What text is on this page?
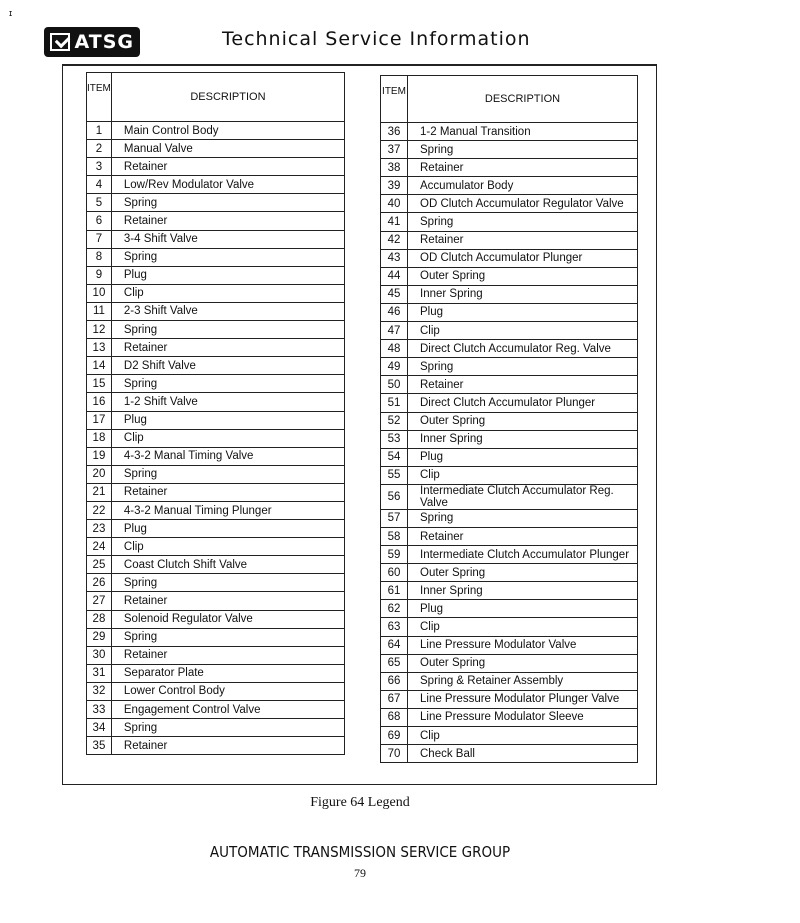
ɪ
ATSG	Technical Service Information
ITEM	DESCRIPTION
1	Main Control Body
2	Manual Valve
3	Retainer
4	Low/Rev Modulator Valve
5	Spring
6	Retainer
7	3-4 Shift Valve
8	Spring
9	Plug
10	Clip
11	2-3 Shift Valve
12	Spring
13	Retainer
14	D2 Shift Valve
15	Spring
16	1-2 Shift Valve
17	Plug
18	Clip
19	4-3-2 Manal Timing Valve
20	Spring
21	Retainer
22	4-3-2 Manual Timing Plunger
23	Plug
24	Clip
25	Coast Clutch Shift Valve
26	Spring
27	Retainer
28	Solenoid Regulator Valve
29	Spring
30	Retainer
31	Separator Plate
32	Lower Control Body
33	Engagement Control Valve
34	Spring
35	Retainer
ITEM	DESCRIPTION
36	1-2 Manual Transition
37	Spring
38	Retainer
39	Accumulator Body
40	OD Clutch Accumulator Regulator Valve
41	Spring
42	Retainer
43	OD Clutch Accumulator Plunger
44	Outer Spring
45	Inner Spring
46	Plug
47	Clip
48	Direct Clutch Accumulator Reg. Valve
49	Spring
50	Retainer
51	Direct Clutch Accumulator Plunger
52	Outer Spring
53	Inner Spring
54	Plug
55	Clip
56	Intermediate Clutch Accumulator Reg. Valve
57	Spring
58	Retainer
59	Intermediate Clutch Accumulator Plunger
60	Outer Spring
61	Inner Spring
62	Plug
63	Clip
64	Line Pressure Modulator Valve
65	Outer Spring
66	Spring & Retainer Assembly
67	Line Pressure Modulator Plunger Valve
68	Line Pressure Modulator Sleeve
69	Clip
70	Check Ball
Figure 64 Legend
AUTOMATIC TRANSMISSION SERVICE GROUP
79
